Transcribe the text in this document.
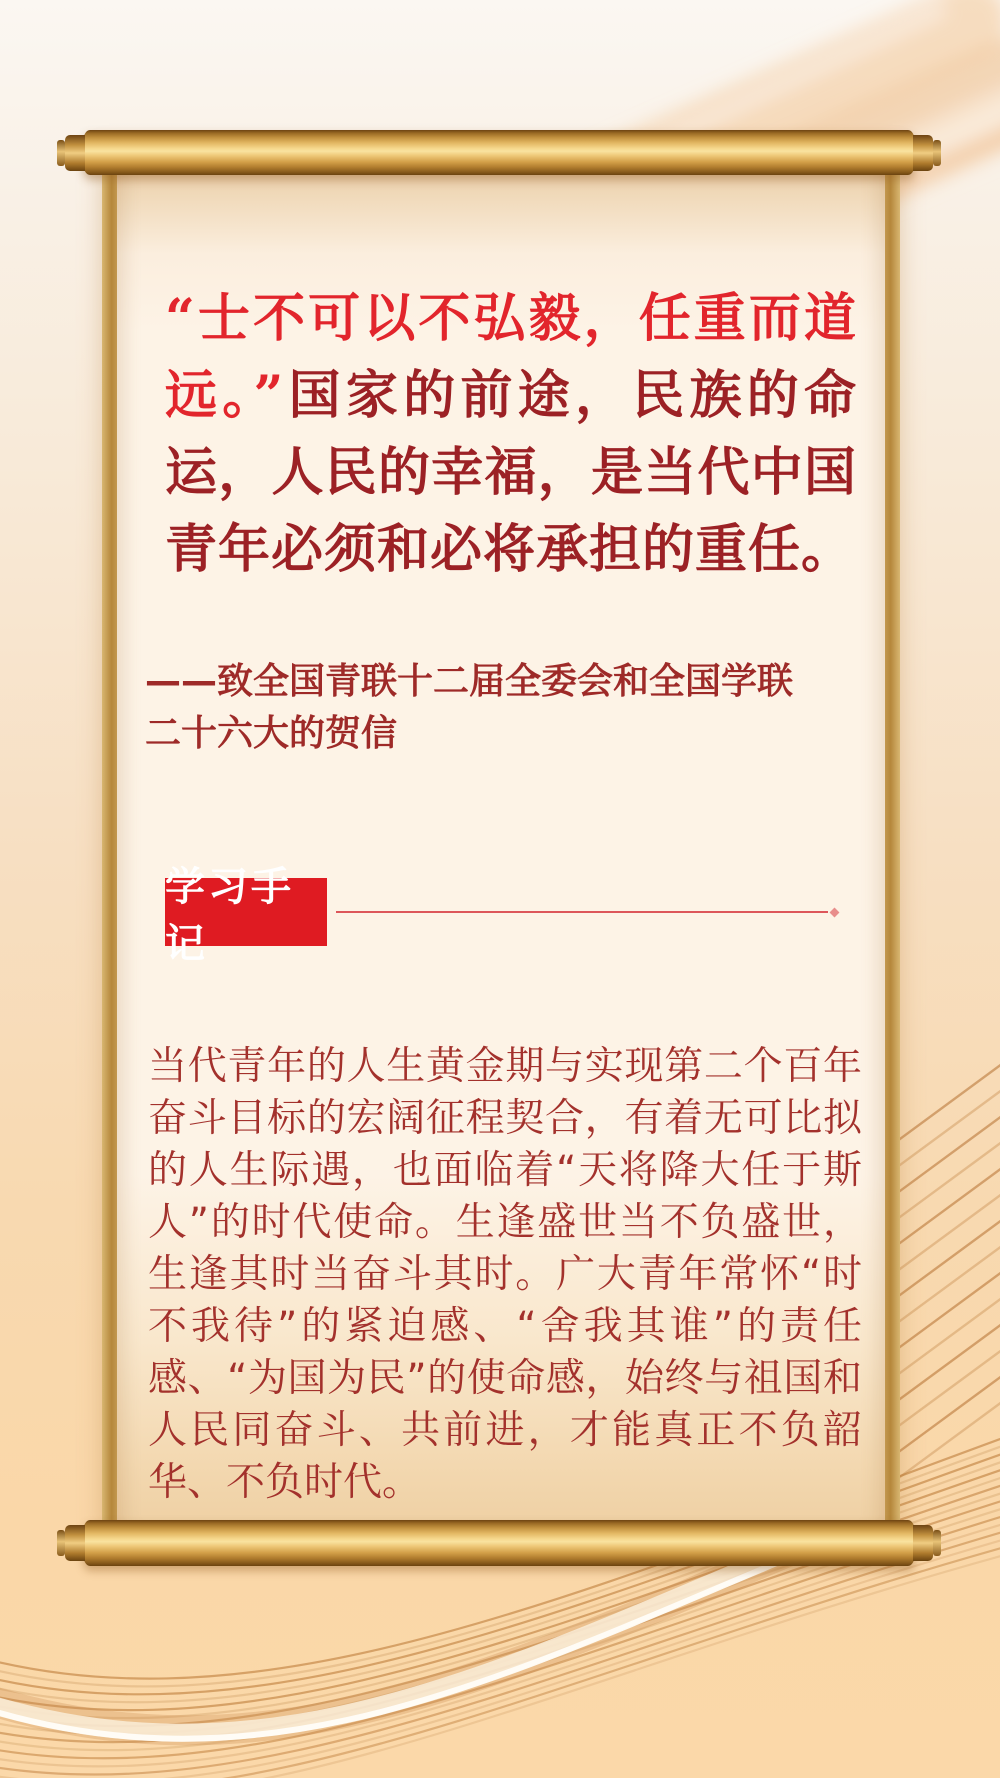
“士不可以不弘毅，任重而道远。”国家的前途，民族的命运，人民的幸福，是当代中国青年必须和必将承担的重任。

——致全国青联十二届全委会和全国学联二十六大的贺信

学习手记

当代青年的人生黄金期与实现第二个百年奋斗目标的宏阔征程契合，有着无可比拟的人生际遇，也面临着“天将降大任于斯人”的时代使命。生逢盛世当不负盛世，生逢其时当奋斗其时。广大青年常怀“时不我待”的紧迫感、“舍我其谁”的责任感、“为国为民”的使命感，始终与祖国和人民同奋斗、共前进，才能真正不负韶华、不负时代。
